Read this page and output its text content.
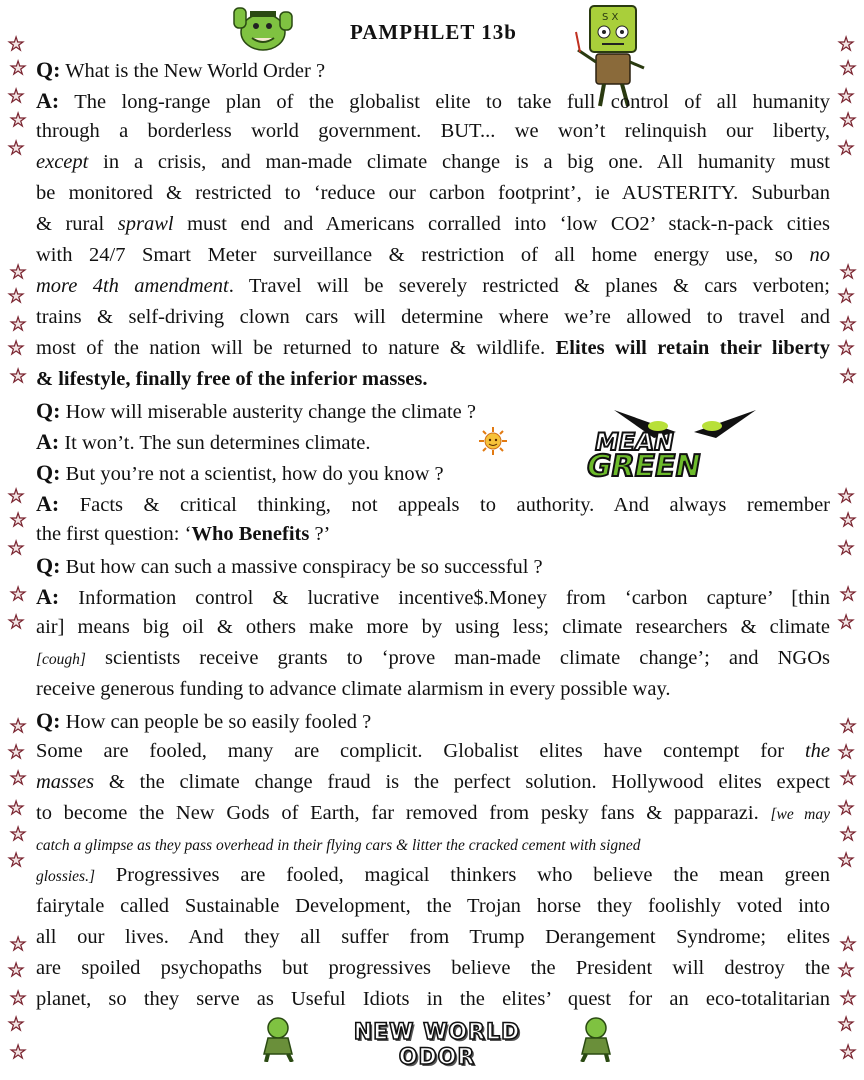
★
★
★
★
★
★
★
★
★
★
★
★
★
★
★
★
★
★
★
★
★
★
★
★
★
★
★
★
★
★
★
★
★
★
★
★
★
★
★
★
★
★
★
★
★
★
★
★
★
★
★
★
PAMPHLET 13b
S X
Q: What is the New World Order ?
A: The long-range plan of the globalist elite to take full control of all humanity
through a borderless world government. BUT... we won’t relinquish our liberty,
except in a crisis, and man-made climate change is a big one. All humanity must
be monitored & restricted to ‘reduce our carbon footprint’, ie AUSTERITY. Suburban
& rural sprawl must end and Americans corralled into ‘low CO2’ stack-n-pack cities
with 24/7 Smart Meter surveillance & restriction of all home energy use, so no
more 4th amendment. Travel will be severely restricted & planes & cars verboten;
trains & self-driving clown cars will determine where we’re allowed to travel and
most of the nation will be returned to nature & wildlife. Elites will retain their liberty
& lifestyle, finally free of the inferior masses.
Q: How will miserable austerity change the climate ?
A: It won’t. The sun determines climate.
Q: But you’re not a scientist, how do you know ?
A: Facts & critical thinking, not appeals to authority. And always remember
the first question: ‘Who Benefits ?’
Q: But how can such a massive conspiracy be so successful ?
A: Information control & lucrative incentive$.Money from ‘carbon capture’ [thin
air] means big oil & others make more by using less; climate researchers & climate
[cough] scientists receive grants to ‘prove man-made climate change’; and NGOs
receive generous funding to advance climate alarmism in every possible way.
Q: How can people be so easily fooled ?
Some are fooled, many are complicit. Globalist elites have contempt for the
masses & the climate change fraud is the perfect solution. Hollywood elites expect
to become the New Gods of Earth, far removed from pesky fans & papparazi. [we may
catch a glimpse as they pass overhead in their flying cars & litter the cracked cement with signed
glossies.] Progressives are fooled, magical thinkers who believe the mean green
fairytale called Sustainable Development, the Trojan horse they foolishly voted into
all our lives. And they all suffer from Trump Derangement Syndrome; elites
are spoiled psychopaths but progressives believe the President will destroy the
planet, so they serve as Useful Idiots in the elites’ quest for an eco-totalitarian
MEAN
GREEN
NEW WORLD ODOR
